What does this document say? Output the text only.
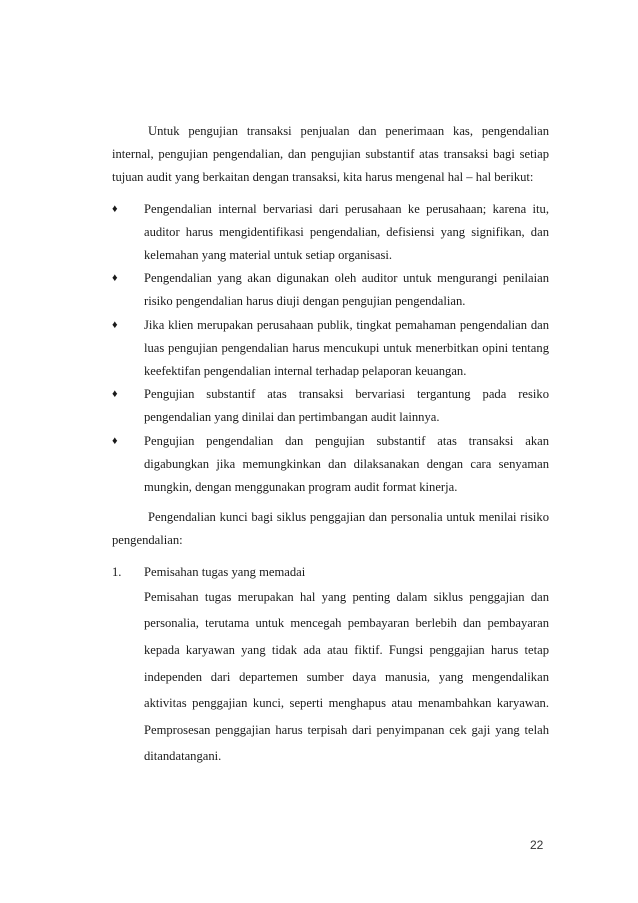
Untuk pengujian transaksi penjualan dan penerimaan kas, pengendalian internal, pengujian pengendalian, dan pengujian substantif atas transaksi bagi setiap tujuan audit yang berkaitan dengan transaksi, kita harus mengenal hal – hal berikut:

♦ Pengendalian internal bervariasi dari perusahaan ke perusahaan; karena itu, auditor harus mengidentifikasi pengendalian, defisiensi yang signifikan, dan kelemahan yang material untuk setiap organisasi.
♦ Pengendalian yang akan digunakan oleh auditor untuk mengurangi penilaian risiko pengendalian harus diuji dengan pengujian pengendalian.
♦ Jika klien merupakan perusahaan publik, tingkat pemahaman pengendalian dan luas pengujian pengendalian harus mencukupi untuk menerbitkan opini tentang keefektifan pengendalian internal terhadap pelaporan keuangan.
♦ Pengujian substantif atas transaksi bervariasi tergantung pada resiko pengendalian yang dinilai dan pertimbangan audit lainnya.
♦ Pengujian pengendalian dan pengujian substantif atas transaksi akan digabungkan jika memungkinkan dan dilaksanakan dengan cara senyaman mungkin, dengan menggunakan program audit format kinerja.

Pengendalian kunci bagi siklus penggajian dan personalia untuk menilai risiko pengendalian:

1. Pemisahan tugas yang memadai
Pemisahan tugas merupakan hal yang penting dalam siklus penggajian dan personalia, terutama untuk mencegah pembayaran berlebih dan pembayaran kepada karyawan yang tidak ada atau fiktif. Fungsi penggajian harus tetap independen dari departemen sumber daya manusia, yang mengendalikan aktivitas penggajian kunci, seperti menghapus atau menambahkan karyawan. Pemprosesan penggajian harus terpisah dari penyimpanan cek gaji yang telah ditandatangani.
22
